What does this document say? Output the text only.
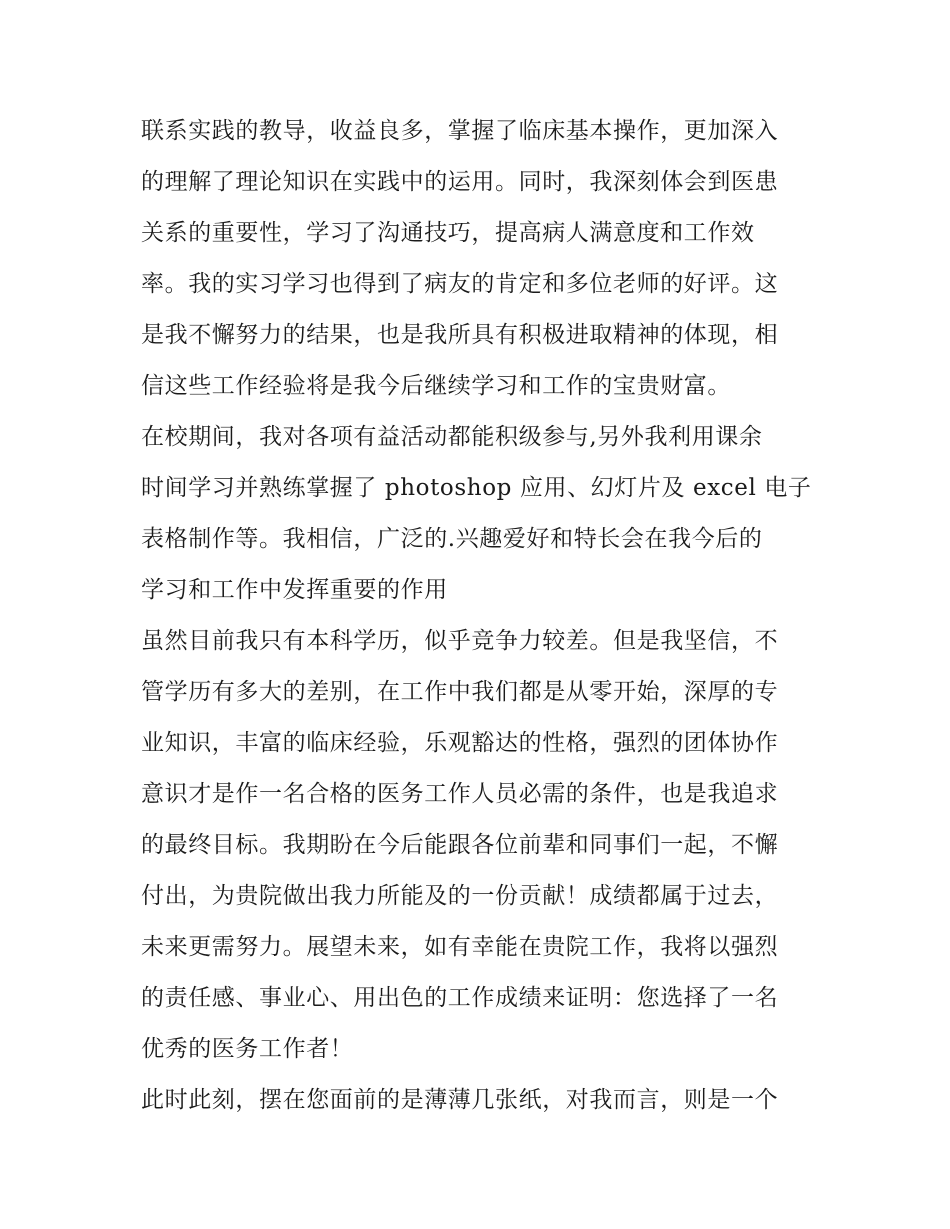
联系实践的教导，收益良多，掌握了临床基本操作，更加深入
的理解了理论知识在实践中的运用。同时，我深刻体会到医患
关系的重要性，学习了沟通技巧，提高病人满意度和工作效
率。我的实习学习也得到了病友的肯定和多位老师的好评。这
是我不懈努力的结果，也是我所具有积极进取精神的体现，相
信这些工作经验将是我今后继续学习和工作的宝贵财富。
在校期间，我对各项有益活动都能积级参与,另外我利用课余
时间学习并熟练掌握了 photoshop 应用、幻灯片及 excel 电子
表格制作等。我相信，广泛的.兴趣爱好和特长会在我今后的
学习和工作中发挥重要的作用
虽然目前我只有本科学历，似乎竞争力较差。但是我坚信，不
管学历有多大的差别，在工作中我们都是从零开始，深厚的专
业知识，丰富的临床经验，乐观豁达的性格，强烈的团体协作
意识才是作一名合格的医务工作人员必需的条件，也是我追求
的最终目标。我期盼在今后能跟各位前辈和同事们一起，不懈
付出，为贵院做出我力所能及的一份贡献！成绩都属于过去，
未来更需努力。展望未来，如有幸能在贵院工作，我将以强烈
的责任感、事业心、用出色的工作成绩来证明：您选择了一名
优秀的医务工作者！
此时此刻，摆在您面前的是薄薄几张纸，对我而言，则是一个
